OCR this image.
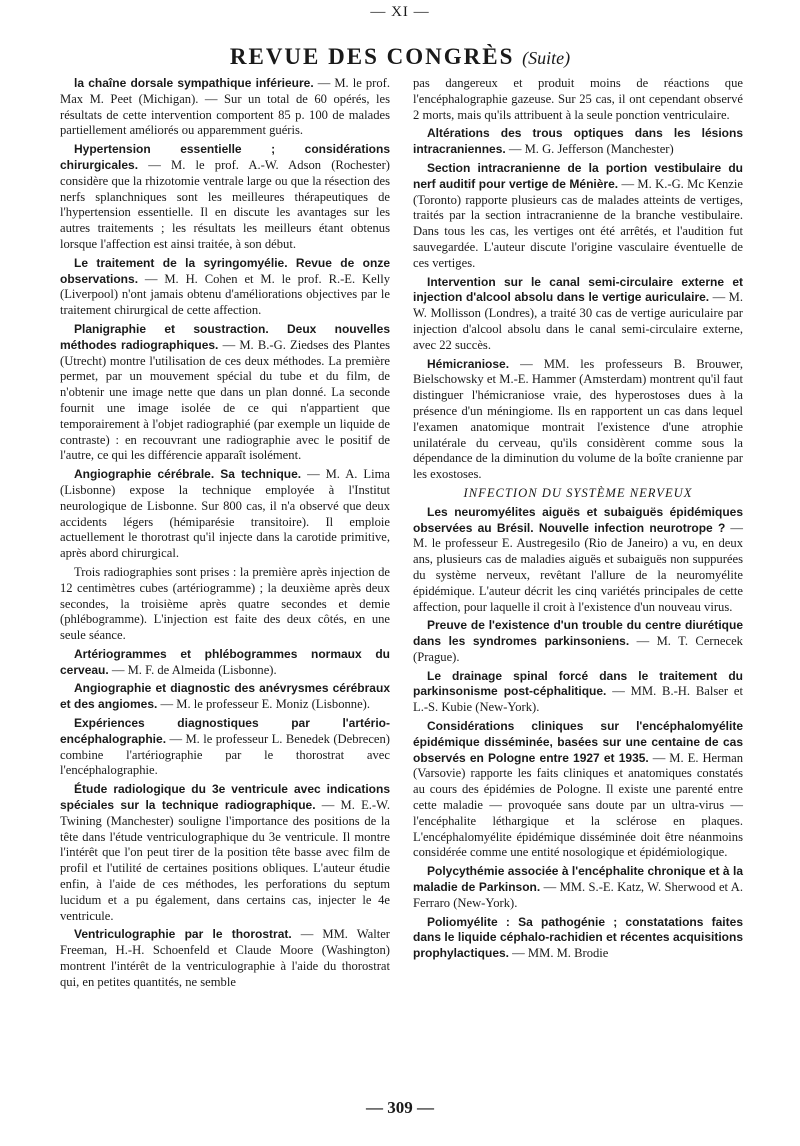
— XI —
REVUE DES CONGRÈS (Suite)

la chaîne dorsale sympathique inférieure. — M. le prof. Max M. Peet (Michigan). — Sur un total de 60 opérés, les résultats de cette intervention comportent 85 p. 100 de malades partiellement améliorés ou apparemment guéris.

Hypertension essentielle ; considérations chirurgicales. — M. le prof. A.-W. Adson (Rochester) considère que la rhizotomie ventrale large ou que la résection des nerfs splanchniques sont les meilleures thérapeutiques de l'hypertension essentielle. Il en discute les avantages sur les autres traitements ; les résultats les meilleurs étant obtenus lorsque l'affection est ainsi traitée, à son début.

Le traitement de la syringomyélie. Revue de onze observations. — M. H. Cohen et M. le prof. R.-E. Kelly (Liverpool) n'ont jamais obtenu d'améliorations objectives par le traitement chirurgical de cette affection.

Planigraphie et soustraction. Deux nouvelles méthodes radiographiques. — M. B.-G. Ziedses des Plantes (Utrecht) montre l'utilisation de ces deux méthodes. La première permet, par un mouvement spécial du tube et du film, de n'obtenir une image nette que dans un plan donné. La seconde fournit une image isolée de ce qui n'appartient que temporairement à l'objet radiographié (par exemple un liquide de contraste) : en recouvrant une radiographie avec le positif de l'autre, ce qui les différencie apparaît isolément.

Angiographie cérébrale. Sa technique. — M. A. Lima (Lisbonne) expose la technique employée à l'Institut neurologique de Lisbonne. Sur 800 cas, il n'a observé que deux accidents légers (hémiparésie transitoire). Il emploie actuellement le thorotrast qu'il injecte dans la carotide primitive, après abord chirurgical.

Trois radiographies sont prises : la première après injection de 12 centimètres cubes (artériogramme) ; la deuxième après deux secondes, la troisième après quatre secondes et demie (phlébogramme). L'injection est faite des deux côtés, en une seule séance.

Artériogrammes et phlébogrammes normaux du cerveau. — M. F. de Almeida (Lisbonne).

Angiographie et diagnostic des anévrysmes cérébraux et des angiomes. — M. le professeur E. Moniz (Lisbonne).

Expériences diagnostiques par l'artério-encéphalographie. — M. le professeur L. Benedek (Debrecen) combine l'artériographie par le thorostrat avec l'encéphalographie.

Étude radiologique du 3e ventricule avec indications spéciales sur la technique radiographique. — M. E.-W. Twining (Manchester) souligne l'importance des positions de la tête dans l'étude ventriculographique du 3e ventricule. Il montre l'intérêt que l'on peut tirer de la position tête basse avec film de profil et l'utilité de certaines positions obliques. L'auteur étudie enfin, à l'aide de ces méthodes, les perforations du septum lucidum et a pu également, dans certains cas, injecter le 4e ventricule.

Ventriculographie par le thorostrat. — MM. Walter Freeman, H.-H. Schoenfeld et Claude Moore (Washington) montrent l'intérêt de la ventriculographie à l'aide du thorostrat qui, en petites quantités, ne semble

pas dangereux et produit moins de réactions que l'encéphalographie gazeuse. Sur 25 cas, il ont cependant observé 2 morts, mais qu'ils attribuent à la seule ponction ventriculaire.

Altérations des trous optiques dans les lésions intracraniennes. — M. G. Jefferson (Manchester)

Section intracranienne de la portion vestibulaire du nerf auditif pour vertige de Ménière. — M. K.-G. Mc Kenzie (Toronto) rapporte plusieurs cas de malades atteints de vertiges, traités par la section intracranienne de la branche vestibulaire. Dans tous les cas, les vertiges ont été arrêtés, et l'audition fut sauvegardée. L'auteur discute l'origine vasculaire éventuelle de ces vertiges.

Intervention sur le canal semi-circulaire externe et injection d'alcool absolu dans le vertige auriculaire. — M. W. Mollisson (Londres), a traité 30 cas de vertige auriculaire par injection d'alcool absolu dans le canal semi-circulaire externe, avec 22 succès.

Hémicraniose. — MM. les professeurs B. Brouwer, Bielschowsky et M.-E. Hammer (Amsterdam) montrent qu'il faut distinguer l'hémicraniose vraie, des hyperostoses dues à la présence d'un méningiome. Ils en rapportent un cas dans lequel l'examen anatomique montrait l'existence d'une atrophie unilatérale du cerveau, qu'ils considèrent comme sous la dépendance de la diminution du volume de la boîte cranienne par les exostoses.

INFECTION DU SYSTÈME NERVEUX

Les neuromyélites aiguës et subaiguës épidémiques observées au Brésil. Nouvelle infection neurotrope ? — M. le professeur E. Austregesilo (Rio de Janeiro) a vu, en deux ans, plusieurs cas de maladies aiguës et subaiguës non suppurées du système nerveux, revêtant l'allure de la neuromyélite épidémique. L'auteur décrit les cinq variétés principales de cette affection, pour laquelle il croit à l'existence d'un nouveau virus.

Preuve de l'existence d'un trouble du centre diurétique dans les syndromes parkinsoniens. — M. T. Cernecek (Prague).

Le drainage spinal forcé dans le traitement du parkinsonisme post-céphalitique. — MM. B.-H. Balser et L.-S. Kubie (New-York).

Considérations cliniques sur l'encéphalomyélite épidémique disséminée, basées sur une centaine de cas observés en Pologne entre 1927 et 1935. — M. E. Herman (Varsovie) rapporte les faits cliniques et anatomiques constatés au cours des épidémies de Pologne. Il existe une parenté entre cette maladie — provoquée sans doute par un ultra-virus — l'encéphalite léthargique et la sclérose en plaques. L'encéphalomyélite épidémique disséminée doit être néanmoins considérée comme une entité nosologique et épidémiologique.

Polycythémie associée à l'encéphalite chronique et à la maladie de Parkinson. — MM. S.-E. Katz, W. Sherwood et A. Ferraro (New-York).

Poliomyélite : Sa pathogénie ; constatations faites dans le liquide céphalo-rachidien et récentes acquisitions prophylactiques. — MM. M. Brodie

— 309 —
